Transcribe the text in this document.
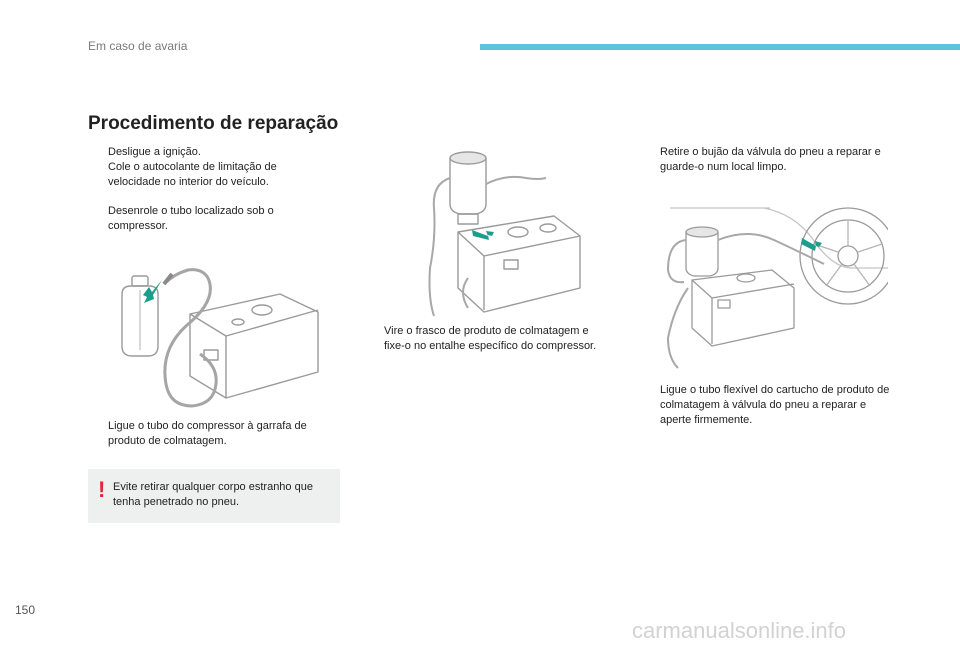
Em caso de avaria
Procedimento de reparação
Desligue a ignição.
Cole o autocolante de limitação de velocidade no interior do veículo.
Desenrole o tubo localizado sob o compressor.
Ligue o tubo do compressor à garrafa de produto de colmatagem.
! Evite retirar qualquer corpo estranho que tenha penetrado no pneu.
Vire o frasco de produto de colmatagem e fixe-o no entalhe específico do compressor.
Retire o bujão da válvula do pneu a reparar e guarde-o num local limpo.
Ligue o tubo flexível do cartucho de produto de colmatagem à válvula do pneu a reparar e aperte firmemente.
150
carmanualsonline.info
